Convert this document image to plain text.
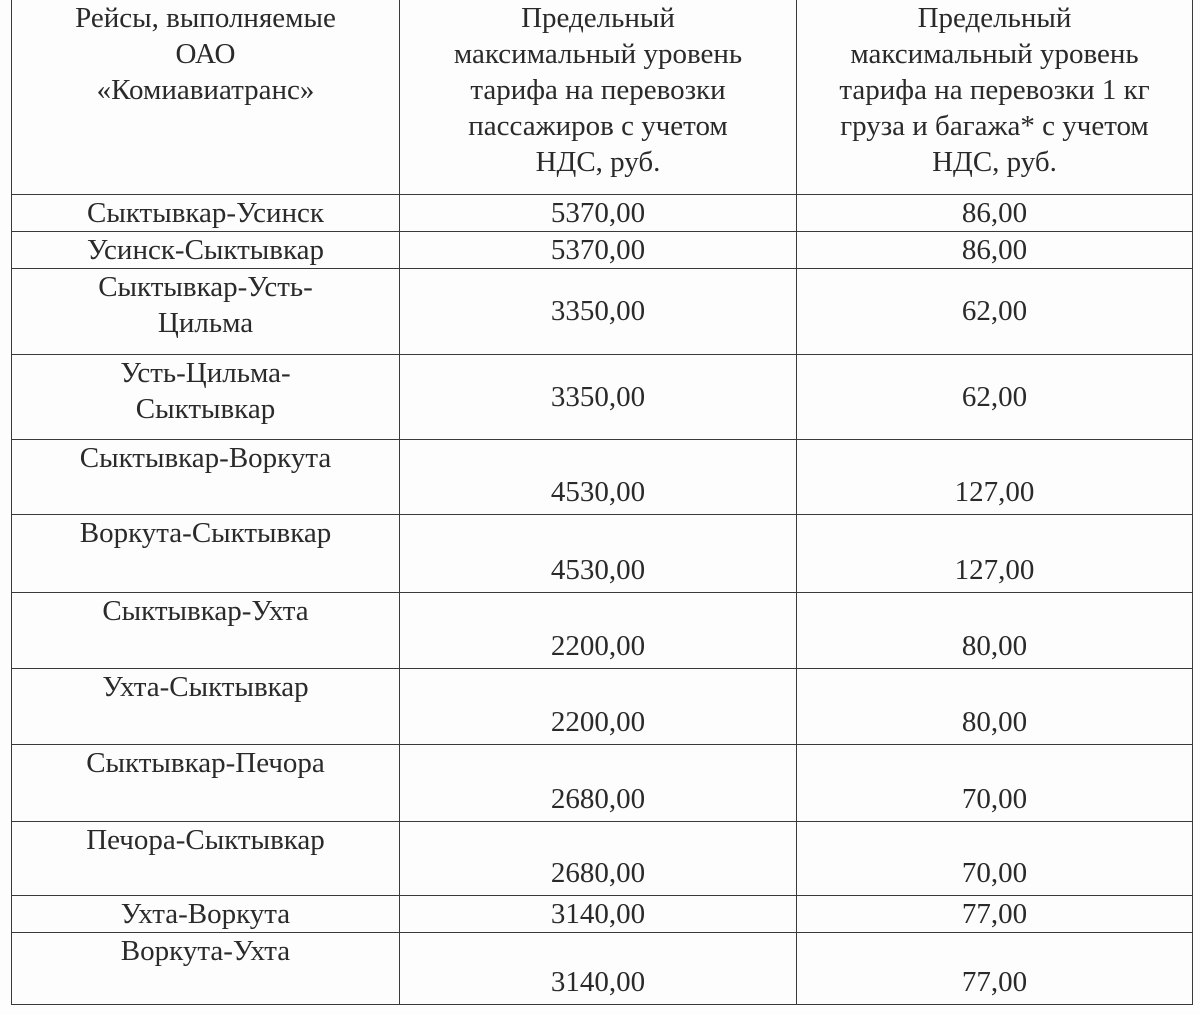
Рейсы, выполняемые
ОАО
«Комиавиатранс»	Предельный
максимальный уровень
тарифа на перевозки
пассажиров с учетом
НДС, руб.	Предельный
максимальный уровень
тарифа на перевозки 1 кг
груза и багажа* с учетом
НДС, руб.
Сыктывкар-Усинск	5370,00	86,00
Усинск-Сыктывкар	5370,00	86,00
Сыктывкар-Усть-
Цильма	3350,00	62,00
Усть-Цильма-
Сыктывкар	3350,00	62,00
Сыктывкар-Воркута	4530,00	127,00
Воркута-Сыктывкар	4530,00	127,00
Сыктывкар-Ухта	2200,00	80,00
Ухта-Сыктывкар	2200,00	80,00
Сыктывкар-Печора	2680,00	70,00
Печора-Сыктывкар	2680,00	70,00
Ухта-Воркута	3140,00	77,00
Воркута-Ухта	3140,00	77,00
